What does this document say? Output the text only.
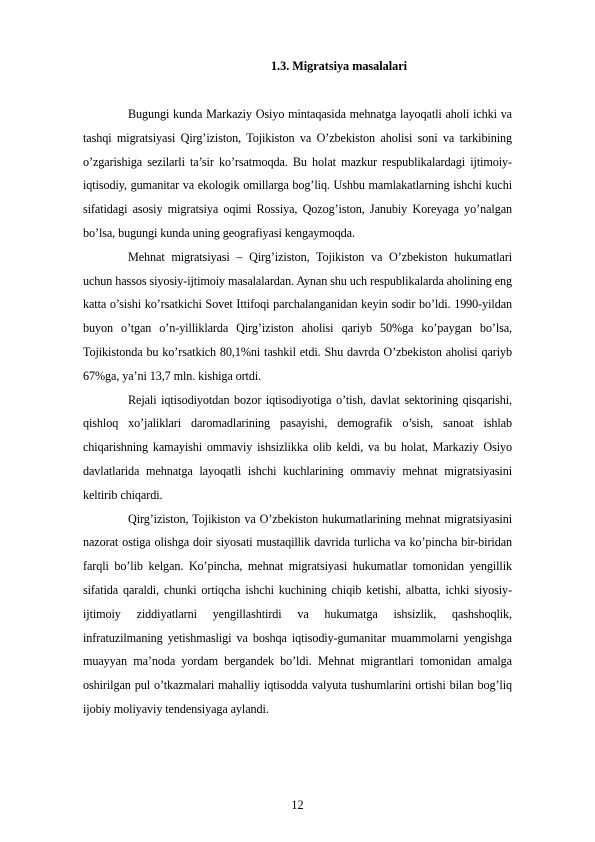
1.3. Migratsiya masalalari

Bugungi kunda Markaziy Osiyo mintaqasida mehnatga layoqatli aholi ichki va tashqi migratsiyasi Qirg’iziston, Tojikiston va O’zbekiston aholisi soni va tarkibining o’zgarishiga sezilarli ta’sir ko’rsatmoqda. Bu holat mazkur respublikalardagi ijtimoiy-iqtisodiy, gumanitar va ekologik omillarga bog’liq. Ushbu mamlakatlarning ishchi kuchi sifatidagi asosiy migratsiya oqimi Rossiya, Qozog’iston, Janubiy Koreyaga yo’nalgan bo’lsa, bugungi kunda uning geografiyasi kengaymoqda.

Mehnat migratsiyasi – Qirg’iziston, Tojikiston va O’zbekiston hukumatlari uchun hassos siyosiy-ijtimoiy masalalardan. Aynan shu uch respublikalarda aholining eng katta o’sishi ko’rsatkichi Sovet Ittifoqi parchalanganidan keyin sodir bo’ldi. 1990-yildan buyon o’tgan o’n-yilliklarda Qirg’iziston aholisi qariyb 50%ga ko’paygan bo’lsa, Tojikistonda bu ko’rsatkich 80,1%ni tashkil etdi. Shu davrda O’zbekiston aholisi qariyb 67%ga, ya’ni 13,7 mln. kishiga ortdi.

Rejali iqtisodiyotdan bozor iqtisodiyotiga o’tish, davlat sektorining qisqarishi, qishloq xo’jaliklari daromadlarining pasayishi, demografik o’sish, sanoat ishlab chiqarishning kamayishi ommaviy ishsizlikka olib keldi, va bu holat, Markaziy Osiyo davlatlarida mehnatga layoqatli ishchi kuchlarining ommaviy mehnat migratsiyasini keltirib chiqardi.

Qirg’iziston, Tojikiston va O’zbekiston hukumatlarining mehnat migratsiyasini nazorat ostiga olishga doir siyosati mustaqillik davrida turlicha va ko’pincha bir-biridan farqli bo’lib kelgan. Ko’pincha, mehnat migratsiyasi hukumatlar tomonidan yengillik sifatida qaraldi, chunki ortiqcha ishchi kuchining chiqib ketishi, albatta, ichki siyosiy-ijtimoiy ziddiyatlarni yengillashtirdi va hukumatga ishsizlik, qashshoqlik, infratuzilmaning yetishmasligi va boshqa iqtisodiy-gumanitar muammolarni yengishga muayyan ma’noda yordam bergandek bo’ldi. Mehnat migrantlari tomonidan amalga oshirilgan pul o’tkazmalari mahalliy iqtisodda valyuta tushumlarini ortishi bilan bog’liq ijobiy moliyaviy tendensiyaga aylandi.

12
